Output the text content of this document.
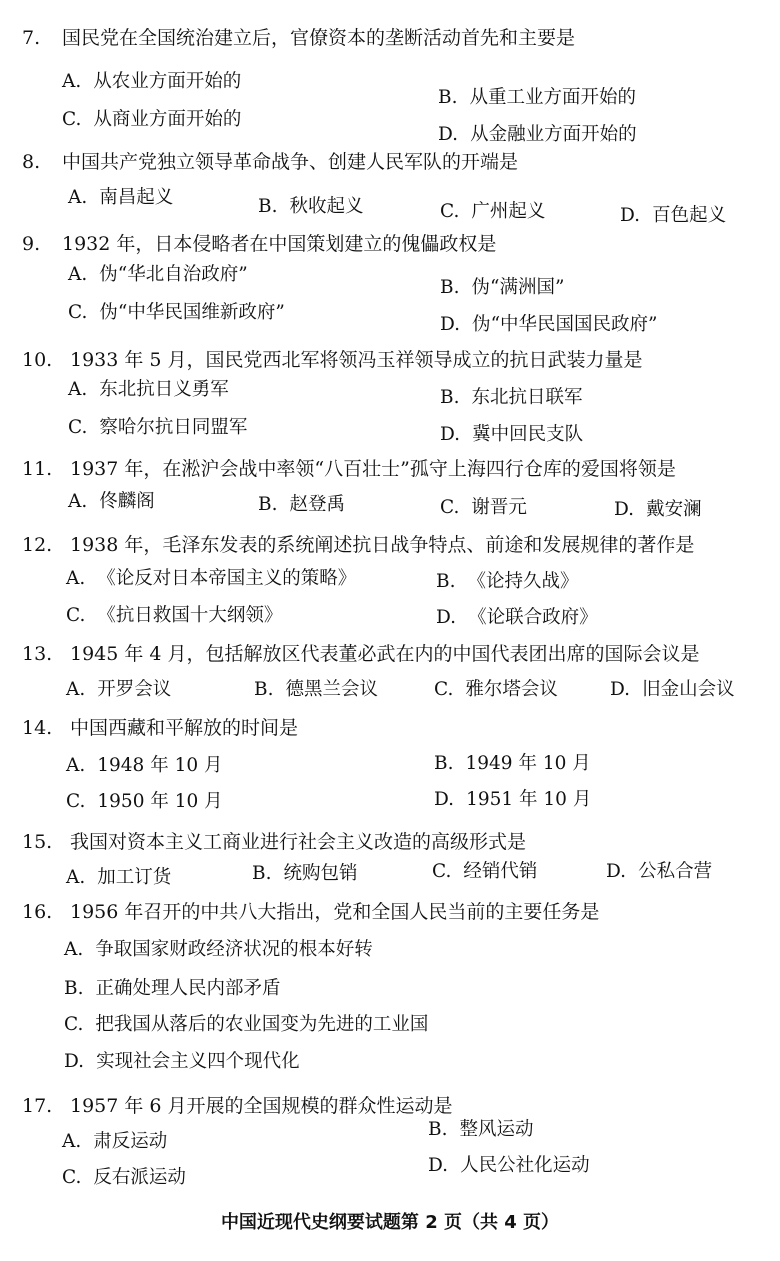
7. 国民党在全国统治建立后，官僚资本的垄断活动首先和主要是
A. 从农业方面开始的
B. 从重工业方面开始的
C. 从商业方面开始的
D. 从金融业方面开始的
8. 中国共产党独立领导革命战争、创建人民军队的开端是
A. 南昌起义	B. 秋收起义	C. 广州起义	D. 百色起义
9. 1932 年，日本侵略者在中国策划建立的傀儡政权是
A. 伪“华北自治政府”
B. 伪“满洲国”
C. 伪“中华民国维新政府”
D. 伪“中华民国国民政府”
10. 1933 年 5 月，国民党西北军将领冯玉祥领导成立的抗日武装力量是
A. 东北抗日义勇军	B. 东北抗日联军
C. 察哈尔抗日同盟军	D. 冀中回民支队
11. 1937 年，在淞沪会战中率领“八百壮士”孤守上海四行仓库的爱国将领是
A. 佟麟阁	B. 赵登禹	C. 谢晋元	D. 戴安澜
12. 1938 年，毛泽东发表的系统阐述抗日战争特点、前途和发展规律的著作是
A. 《论反对日本帝国主义的策略》	B. 《论持久战》
C. 《抗日救国十大纲领》	D. 《论联合政府》
13. 1945 年 4 月，包括解放区代表董必武在内的中国代表团出席的国际会议是
A. 开罗会议	B. 德黑兰会议	C. 雅尔塔会议	D. 旧金山会议
14. 中国西藏和平解放的时间是
A. 1948 年 10 月	B. 1949 年 10 月
C. 1950 年 10 月	D. 1951 年 10 月
15. 我国对资本主义工商业进行社会主义改造的高级形式是
A. 加工订货	B. 统购包销	C. 经销代销	D. 公私合营
16. 1956 年召开的中共八大指出，党和全国人民当前的主要任务是
A. 争取国家财政经济状况的根本好转
B. 正确处理人民内部矛盾
C. 把我国从落后的农业国变为先进的工业国
D. 实现社会主义四个现代化
17. 1957 年 6 月开展的全国规模的群众性运动是
A. 肃反运动
B. 整风运动
C. 反右派运动
D. 人民公社化运动
中国近现代史纲要试题第 2 页（共 4 页）
